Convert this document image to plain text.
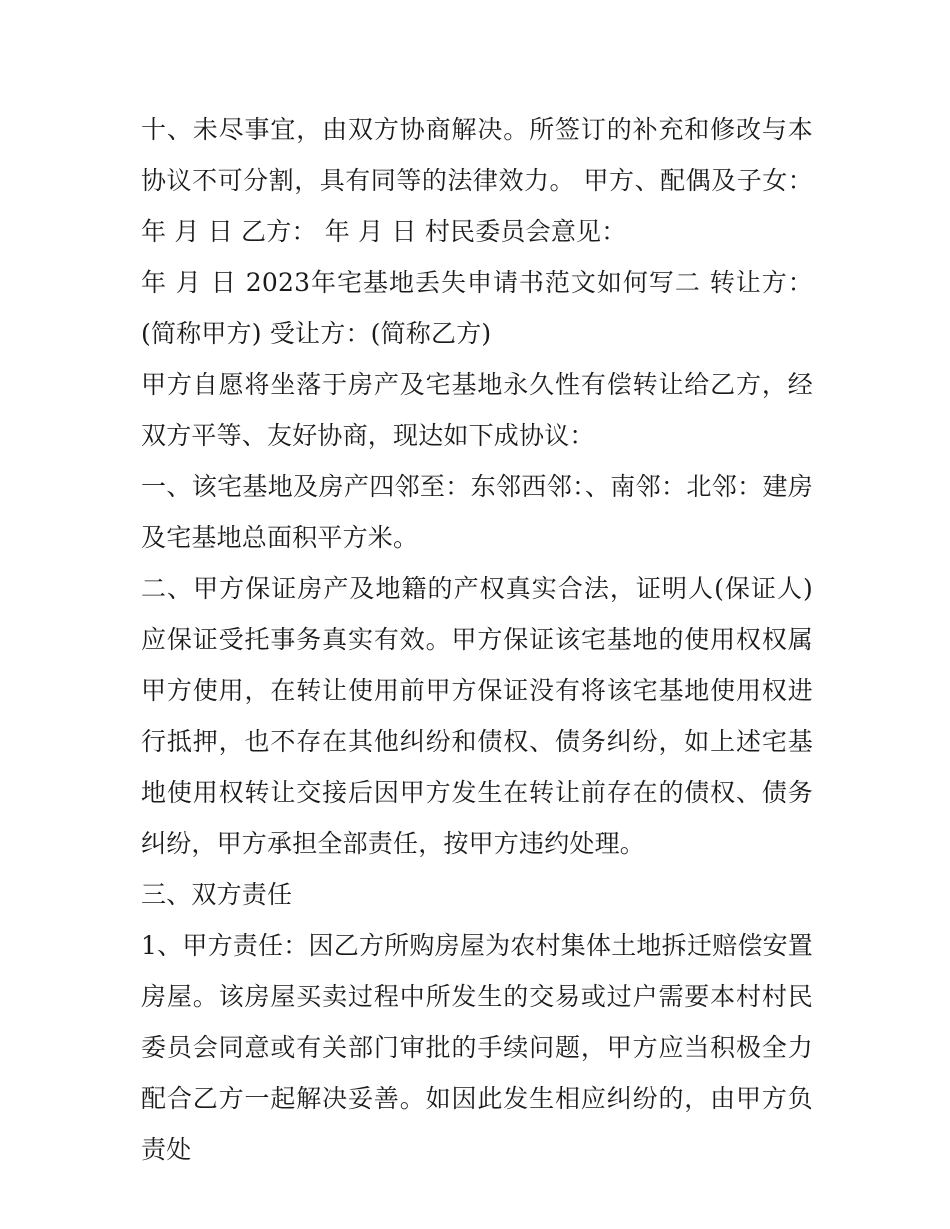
十、未尽事宜，由双方协商解决。所签订的补充和修改与本协议不可分割，具有同等的法律效力。 甲方、配偶及子女： 年 月 日 乙方： 年 月 日 村民委员会意见：

年 月 日 2023年宅基地丢失申请书范文如何写二 转让方：(简称甲方) 受让方：(简称乙方)

甲方自愿将坐落于房产及宅基地永久性有偿转让给乙方，经双方平等、友好协商，现达如下成协议：

一、该宅基地及房产四邻至：东邻西邻：、南邻：北邻：建房及宅基地总面积平方米。

二、甲方保证房产及地籍的产权真实合法，证明人(保证人)应保证受托事务真实有效。甲方保证该宅基地的使用权权属甲方使用，在转让使用前甲方保证没有将该宅基地使用权进行抵押，也不存在其他纠纷和债权、债务纠纷，如上述宅基地使用权转让交接后因甲方发生在转让前存在的债权、债务纠纷，甲方承担全部责任，按甲方违约处理。

三、双方责任

1、甲方责任：因乙方所购房屋为农村集体土地拆迁赔偿安置房屋。该房屋买卖过程中所发生的交易或过户需要本村村民委员会同意或有关部门审批的手续问题，甲方应当积极全力配合乙方一起解决妥善。如因此发生相应纠纷的，由甲方负责处
